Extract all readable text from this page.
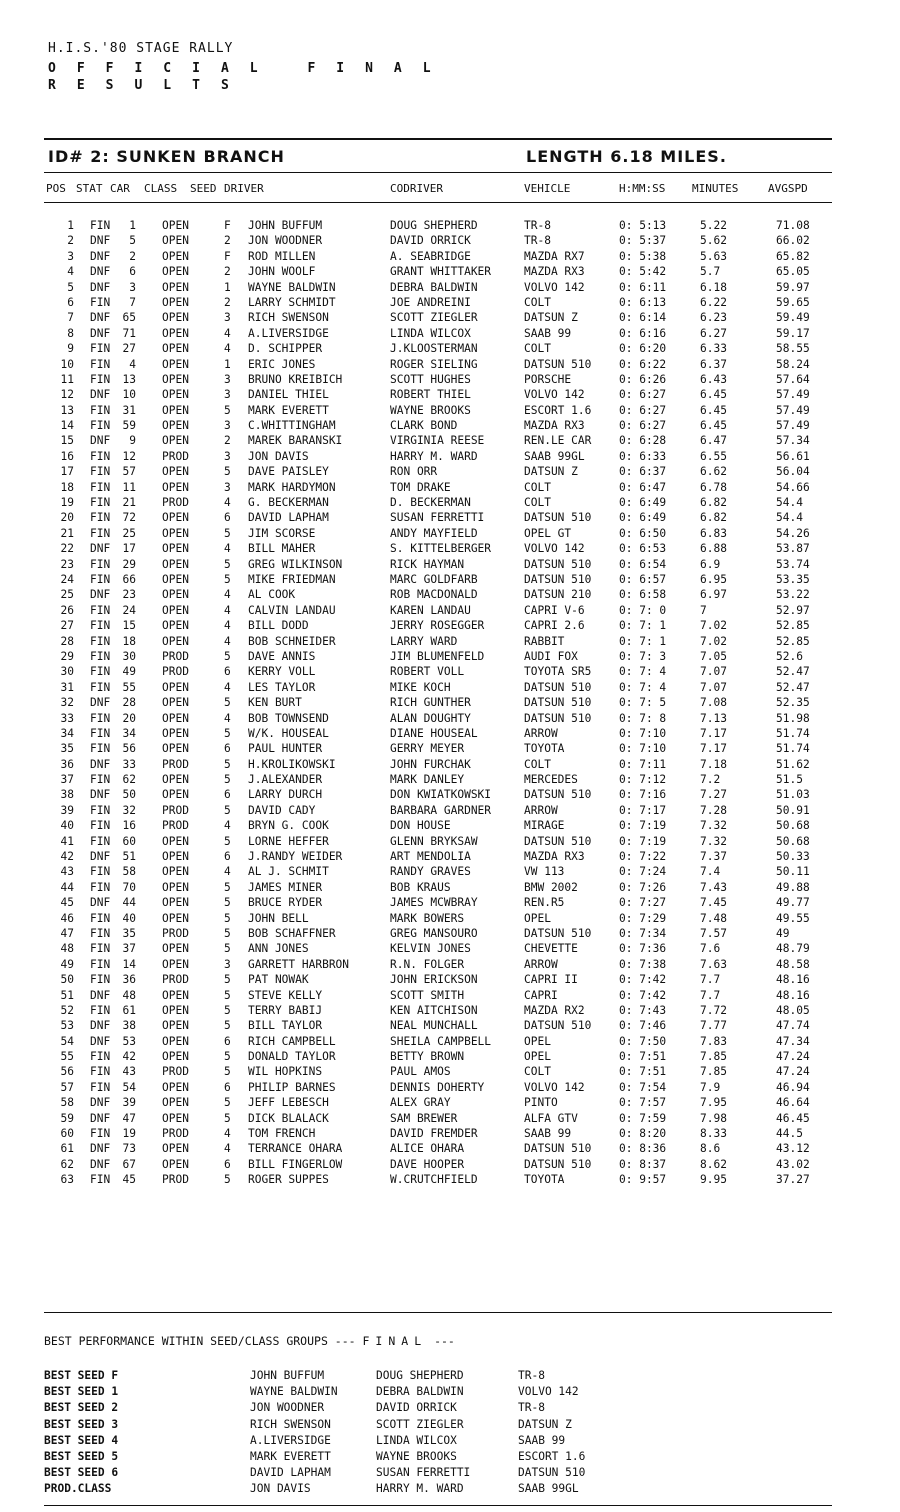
H.I.S.'80 STAGE RALLY
OFFICIAL FINAL
RESULTS
ID# 2: SUNKEN BRANCH	LENGTH 6.18 MILES.
POS STAT CAR CLASS SEED DRIVER	CODRIVER	VEHICLE	H:MM:SS MINUTES	AVGSPD
1 FIN	1 OPEN	F JOHN BUFFUM	DOUG SHEPHERD	TR-8	0: 5:13	5.22	71.08
2 DNF	5 OPEN	2 JON WOODNER	DAVID ORRICK	TR-8	0: 5:37	5.62	66.02
3 DNF	2 OPEN	F ROD MILLEN	A. SEABRIDGE	MAZDA RX7	0: 5:38	5.63	65.82
4 DNF	6 OPEN	2 JOHN WOOLF	GRANT WHITTAKER	MAZDA RX3	0: 5:42	5.7	65.05
5 DNF	3 OPEN	1 WAYNE BALDWIN	DEBRA BALDWIN	VOLVO 142	0: 6:11	6.18	59.97
6 FIN	7 OPEN	2 LARRY SCHMIDT	JOE ANDREINI	COLT	0: 6:13	6.22	59.65
7 DNF	65 OPEN	3 RICH SWENSON	SCOTT ZIEGLER	DATSUN Z	0: 6:14	6.23	59.49
8 DNF	71 OPEN	4 A.LIVERSIDGE	LINDA WILCOX	SAAB 99	0: 6:16	6.27	59.17
9 FIN	27 OPEN	4 D. SCHIPPER	J.KLOOSTERMAN	COLT	0: 6:20	6.33	58.55
10 FIN	4 OPEN	1 ERIC JONES	ROGER SIELING	DATSUN 510 0: 6:22	6.37	58.24
11 FIN	13 OPEN	3 BRUNO KREIBICH	SCOTT HUGHES	PORSCHE	0: 6:26	6.43	57.64
12 DNF	10 OPEN	3 DANIEL THIEL	ROBERT THIEL	VOLVO 142	0: 6:27	6.45	57.49
13 FIN	31 OPEN	5 MARK EVERETT	WAYNE BROOKS	ESCORT 1.6 0: 6:27	6.45	57.49
14 FIN	59 OPEN	3 C.WHITTINGHAM	CLARK BOND	MAZDA RX3	0: 6:27	6.45	57.49
15 DNF	9 OPEN	2 MAREK BARANSKI	VIRGINIA REESE	REN.LE CAR 0: 6:28	6.47	57.34
16 FIN	12 PROD	3 JON DAVIS	HARRY M. WARD	SAAB 99GL	0: 6:33	6.55	56.61
17 FIN	57 OPEN	5 DAVE PAISLEY	RON ORR	DATSUN Z	0: 6:37	6.62	56.04
18 FIN	11 OPEN	3 MARK HARDYMON	TOM DRAKE	COLT	0: 6:47	6.78	54.66
19 FIN	21 PROD	4 G. BECKERMAN	D. BECKERMAN	COLT	0: 6:49	6.82	54.4
20 FIN	72 OPEN	6 DAVID LAPHAM	SUSAN FERRETTI	DATSUN 510 0: 6:49	6.82	54.4
21 FIN	25 OPEN	5 JIM SCORSE	ANDY MAYFIELD	OPEL GT	0: 6:50	6.83	54.26
22 DNF	17 OPEN	4 BILL MAHER	S. KITTELBERGER	VOLVO 142	0: 6:53	6.88	53.87
23 FIN	29 OPEN	5 GREG WILKINSON	RICK HAYMAN	DATSUN 510 0: 6:54	6.9	53.74
24 FIN	66 OPEN	5 MIKE FRIEDMAN	MARC GOLDFARB	DATSUN 510 0: 6:57	6.95	53.35
25 DNF	23 OPEN	4 AL COOK	ROB MACDONALD	DATSUN 210 0: 6:58	6.97	53.22
26 FIN	24 OPEN	4 CALVIN LANDAU	KAREN LANDAU	CAPRI V-6	0: 7: 0	7	52.97
27 FIN	15 OPEN	4 BILL DODD	JERRY ROSEGGER	CAPRI 2.6	0: 7: 1	7.02	52.85
28 FIN	18 OPEN	4 BOB SCHNEIDER	LARRY WARD	RABBIT	0: 7: 1	7.02	52.85
29 FIN	30 PROD	5 DAVE ANNIS	JIM BLUMENFELD	AUDI FOX	0: 7: 3	7.05	52.6
30 FIN	49 PROD	6 KERRY VOLL	ROBERT VOLL	TOYOTA SR5 0: 7: 4	7.07	52.47
31 FIN	55 OPEN	4 LES TAYLOR	MIKE KOCH	DATSUN 510 0: 7: 4	7.07	52.47
32 DNF	28 OPEN	5 KEN BURT	RICH GUNTHER	DATSUN 510 0: 7: 5	7.08	52.35
33 FIN	20 OPEN	4 BOB TOWNSEND	ALAN DOUGHTY	DATSUN 510 0: 7: 8	7.13	51.98
34 FIN	34 OPEN	5 W/K. HOUSEAL	DIANE HOUSEAL	ARROW	0: 7:10	7.17	51.74
35 FIN	56 OPEN	6 PAUL HUNTER	GERRY MEYER	TOYOTA	0: 7:10	7.17	51.74
36 DNF	33 PROD	5 H.KROLIKOWSKI	JOHN FURCHAK	COLT	0: 7:11	7.18	51.62
37 FIN	62 OPEN	5 J.ALEXANDER	MARK DANLEY	MERCEDES	0: 7:12	7.2	51.5
38 DNF	50 OPEN	6 LARRY DURCH	DON KWIATKOWSKI	DATSUN 510 0: 7:16	7.27	51.03
39 FIN	32 PROD	5 DAVID CADY	BARBARA GARDNER	ARROW	0: 7:17	7.28	50.91
40 FIN	16 PROD	4 BRYN G. COOK	DON HOUSE	MIRAGE	0: 7:19	7.32	50.68
41 FIN	60 OPEN	5 LORNE HEFFER	GLENN BRYKSAW	DATSUN 510 0: 7:19	7.32	50.68
42 DNF	51 OPEN	6 J.RANDY WEIDER	ART MENDOLIA	MAZDA RX3	0: 7:22	7.37	50.33
43 FIN	58 OPEN	4 AL J. SCHMIT	RANDY GRAVES	VW 113	0: 7:24	7.4	50.11
44 FIN	70 OPEN	5 JAMES MINER	BOB KRAUS	BMW 2002	0: 7:26	7.43	49.88
45 DNF	44 OPEN	5 BRUCE RYDER	JAMES MCWBRAY	REN.R5	0: 7:27	7.45	49.77
46 FIN	40 OPEN	5 JOHN BELL	MARK BOWERS	OPEL	0: 7:29	7.48	49.55
47 FIN	35 PROD	5 BOB SCHAFFNER	GREG MANSOURO	DATSUN 510 0: 7:34	7.57	49
48 FIN	37 OPEN	5 ANN JONES	KELVIN JONES	CHEVETTE	0: 7:36	7.6	48.79
49 FIN	14 OPEN	3 GARRETT HARBRON	R.N. FOLGER	ARROW	0: 7:38	7.63	48.58
50 FIN	36 PROD	5 PAT NOWAK	JOHN ERICKSON	CAPRI II	0: 7:42	7.7	48.16
51 DNF	48 OPEN	5 STEVE KELLY	SCOTT SMITH	CAPRI	0: 7:42	7.7	48.16
52 FIN	61 OPEN	5 TERRY BABIJ	KEN AITCHISON	MAZDA RX2	0: 7:43	7.72	48.05
53 DNF	38 OPEN	5 BILL TAYLOR	NEAL MUNCHALL	DATSUN 510 0: 7:46	7.77	47.74
54 DNF	53 OPEN	6 RICH CAMPBELL	SHEILA CAMPBELL	OPEL	0: 7:50	7.83	47.34
55 FIN	42 OPEN	5 DONALD TAYLOR	BETTY BROWN	OPEL	0: 7:51	7.85	47.24
56 FIN	43 PROD	5 WIL HOPKINS	PAUL AMOS	COLT	0: 7:51	7.85	47.24
57 FIN	54 OPEN	6 PHILIP BARNES	DENNIS DOHERTY	VOLVO 142	0: 7:54	7.9	46.94
58 DNF	39 OPEN	5 JEFF LEBESCH	ALEX GRAY	PINTO	0: 7:57	7.95	46.64
59 DNF	47 OPEN	5 DICK BLALACK	SAM BREWER	ALFA GTV	0: 7:59	7.98	46.45
60 FIN	19 PROD	4 TOM FRENCH	DAVID FREMDER	SAAB 99	0: 8:20	8.33	44.5
61 DNF	73 OPEN	4 TERRANCE OHARA	ALICE OHARA	DATSUN 510 0: 8:36	8.6	43.12
62 DNF	67 OPEN	6 BILL FINGERLOW	DAVE HOOPER	DATSUN 510 0: 8:37	8.62	43.02
63 FIN	45 PROD	5 ROGER SUPPES	W.CRUTCHFIELD	TOYOTA	0: 9:57	9.95	37.27
BEST PERFORMANCE WITHIN SEED/CLASS GROUPS --- FINAL ---
BEST SEED F	JOHN BUFFUM	DOUG SHEPHERD	TR-8
BEST SEED 1	WAYNE BALDWIN	DEBRA BALDWIN	VOLVO 142
BEST SEED 2	JON WOODNER	DAVID ORRICK	TR-8
BEST SEED 3	RICH SWENSON	SCOTT ZIEGLER	DATSUN Z
BEST SEED 4	A.LIVERSIDGE	LINDA WILCOX	SAAB 99
BEST SEED 5	MARK EVERETT	WAYNE BROOKS	ESCORT 1.6
BEST SEED 6	DAVID LAPHAM	SUSAN FERRETTI	DATSUN 510
PROD.CLASS	JON DAVIS	HARRY M. WARD	SAAB 99GL
